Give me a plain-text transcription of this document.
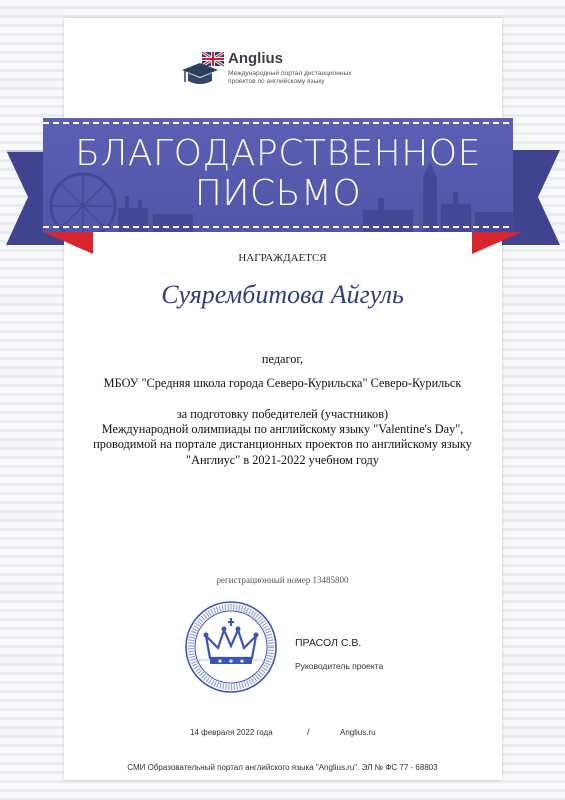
Anglius
Международный портал дистанционных проектов по английскому языку
БЛАГОДАРСТВЕННОЕ
ПИСЬМО
НАГРАЖДАЕТСЯ
Суярембитова Айгуль
педагог,
МБОУ "Средняя школа города Северо-Курильска" Северо-Курильск
за подготовку победителей (участников)
Международной олимпиады по английскому языку "Valentine's Day",
проводимой на портале дистанционных проектов по английскому языку
"Англиус" в 2021-2022 учебном году
регистрационный номер 13485800
ПРАСОЛ С.В.
Руководитель проекта
14 февраля 2022 года	/	Anglius.ru
СМИ Образовательный портал английского языка "Anglius.ru". ЭЛ № ФС 77 - 68803
